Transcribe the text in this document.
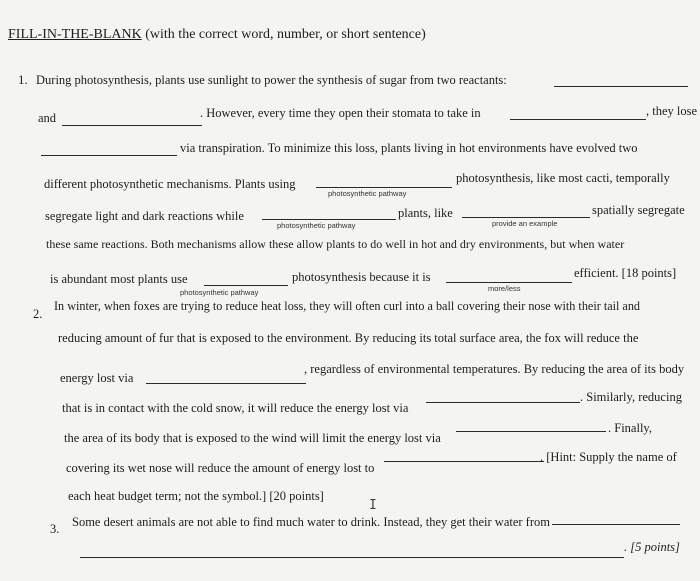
FILL-IN-THE-BLANK (with the correct word, number, or short sentence)
1. During photosynthesis, plants use sunlight to power the synthesis of sugar from two reactants:
and	. However, every time they open their stomata to take in	, they lose
via transpiration. To minimize this loss, plants living in hot environments have evolved two
different photosynthetic mechanisms. Plants using
photosynthetic pathway
photosynthesis, like most cacti, temporally
segregate light and dark reactions while
photosynthetic pathway
plants, like
provide an example
spatially segregate
these same reactions. Both mechanisms allow these allow plants to do well in hot and dry environments, but when water
is abundant most plants use
photosynthetic pathway
photosynthesis because it is
more/less
efficient. [18 points]
2.
In winter, when foxes are trying to reduce heat loss, they will often curl into a ball covering their nose with their tail and
reducing amount of fur that is exposed to the environment. By reducing its total surface area, the fox will reduce the
energy lost via
, regardless of environmental temperatures. By reducing the area of its body
that is in contact with the cold snow, it will reduce the energy lost via
. Similarly, reducing
the area of its body that is exposed to the wind will limit the energy lost via
. Finally,
covering its wet nose will reduce the amount of energy lost to
. [Hint: Supply the name of
each heat budget term; not the symbol.] [20 points]
I
3. Some desert animals are not able to find much water to drink. Instead, they get their water from
. [5 points]
